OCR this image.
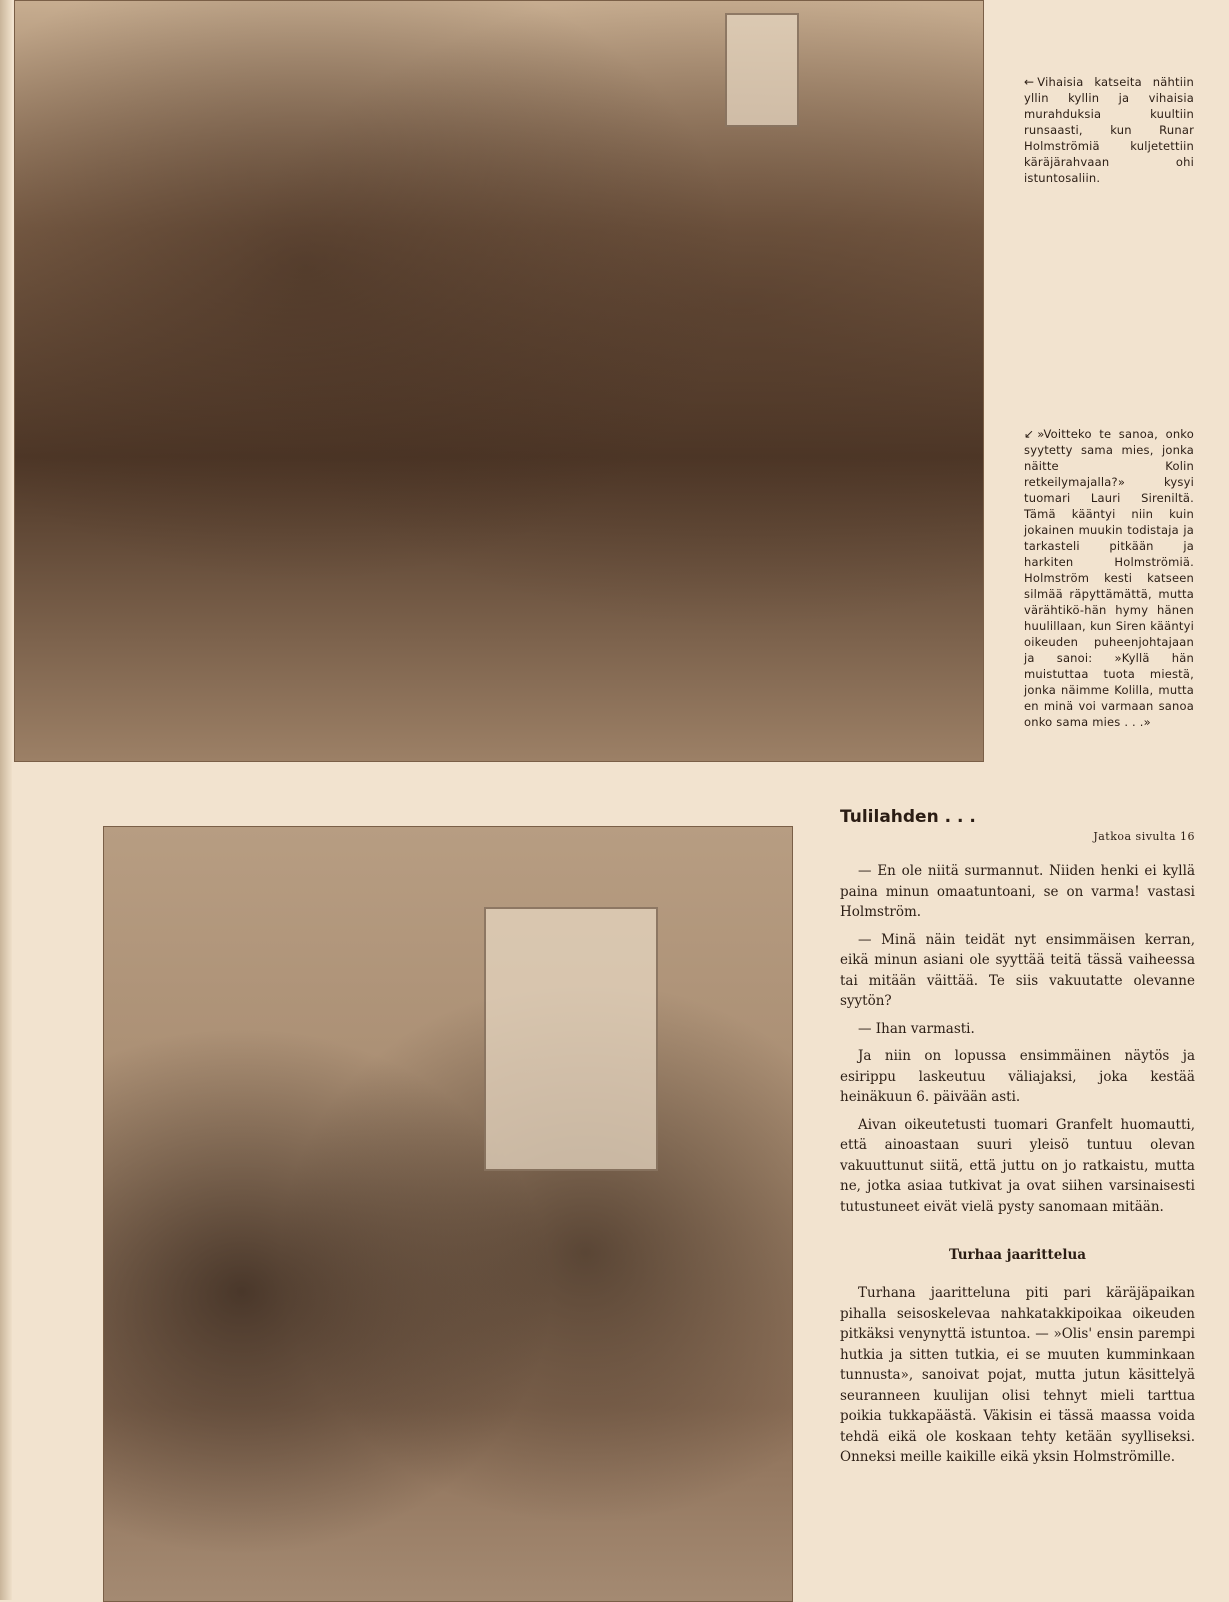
← Vihaisia katseita nähtiin yllin kyllin ja vihaisia murahduksia kuultiin runsaasti, kun Runar Holmströmiä kuljetettiin käräjärahvaan ohi istuntosaliin.
↙ »Voitteko te sanoa, onko syytetty sama mies, jonka näitte Kolin retkeilymajalla?» kysyi tuomari Lauri Sireniltä. Tämä kääntyi niin kuin jokainen muukin todistaja ja tarkasteli pitkään ja harkiten Holmströmiä. Holmström kesti katseen silmää räpyttämättä, mutta värähtikö-hän hymy hänen huulillaan, kun Siren kääntyi oikeuden puheenjohtajaan ja sanoi: »Kyllä hän muistuttaa tuota miestä, jonka näimme Kolilla, mutta en minä voi varmaan sanoa onko sama mies . . .»
Tulilahden . . .
Jatkoa sivulta 16

— En ole niitä surmannut. Niiden henki ei kyllä paina minun omaatuntoani, se on varma! vastasi Holmström.

— Minä näin teidät nyt ensimmäisen kerran, eikä minun asiani ole syyttää teitä tässä vaiheessa tai mitään väittää. Te siis vakuutatte olevanne syytön?

— Ihan varmasti.

Ja niin on lopussa ensimmäinen näytös ja esirippu laskeutuu väliajaksi, joka kestää heinäkuun 6. päivään asti.

Aivan oikeutetusti tuomari Granfelt huomautti, että ainoastaan suuri yleisö tuntuu olevan vakuuttunut siitä, että juttu on jo ratkaistu, mutta ne, jotka asiaa tutkivat ja ovat siihen varsinaisesti tutustuneet eivät vielä pysty sanomaan mitään.

Turhaa jaarittelua

Turhana jaaritteluna piti pari käräjäpaikan pihalla seisoskelevaa nahkatakkipoikaa oikeuden pitkäksi venynyttä istuntoa. — »Olis' ensin parempi hutkia ja sitten tutkia, ei se muuten kumminkaan tunnusta», sanoivat pojat, mutta jutun käsittelyä seuranneen kuulijan olisi tehnyt mieli tarttua poikia tukkapäästä. Väkisin ei tässä maassa voida tehdä eikä ole koskaan tehty ketään syylliseksi. Onneksi meille kaikille eikä yksin Holmströmille.
